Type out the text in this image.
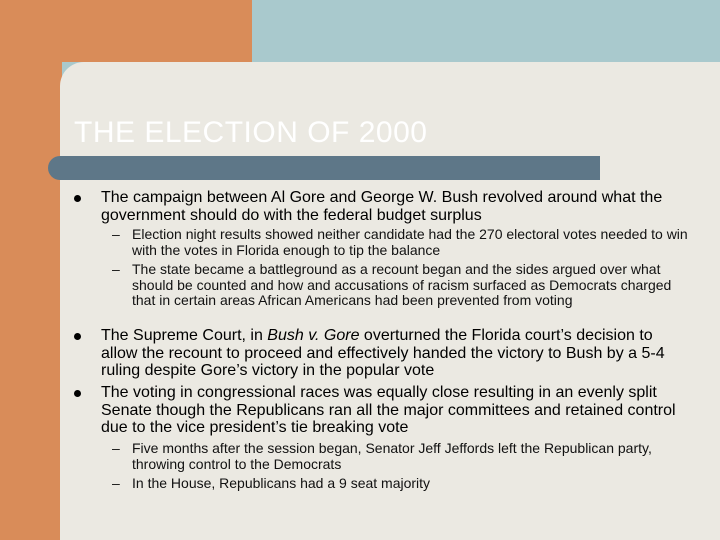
THE ELECTION OF 2000
The campaign between Al Gore and George W. Bush revolved around what the government should do with the federal budget surplus
– Election night results showed neither candidate had the 270 electoral votes needed to win with the votes in Florida enough to tip the balance
– The state became a battleground as a recount began and the sides argued over what should be counted and how and accusations of racism surfaced as Democrats charged that in certain areas African Americans had been prevented from voting
The Supreme Court, in Bush v. Gore overturned the Florida court’s decision to allow the recount to proceed and effectively handed the victory to Bush by a 5-4 ruling despite Gore’s victory in the popular vote
The voting in congressional races was equally close resulting in an evenly split Senate though the Republicans ran all the major committees and retained control due to the vice president’s tie breaking vote
– Five months after the session began, Senator Jeff Jeffords left the Republican party, throwing control to the Democrats
– In the House, Republicans had a 9 seat majority
